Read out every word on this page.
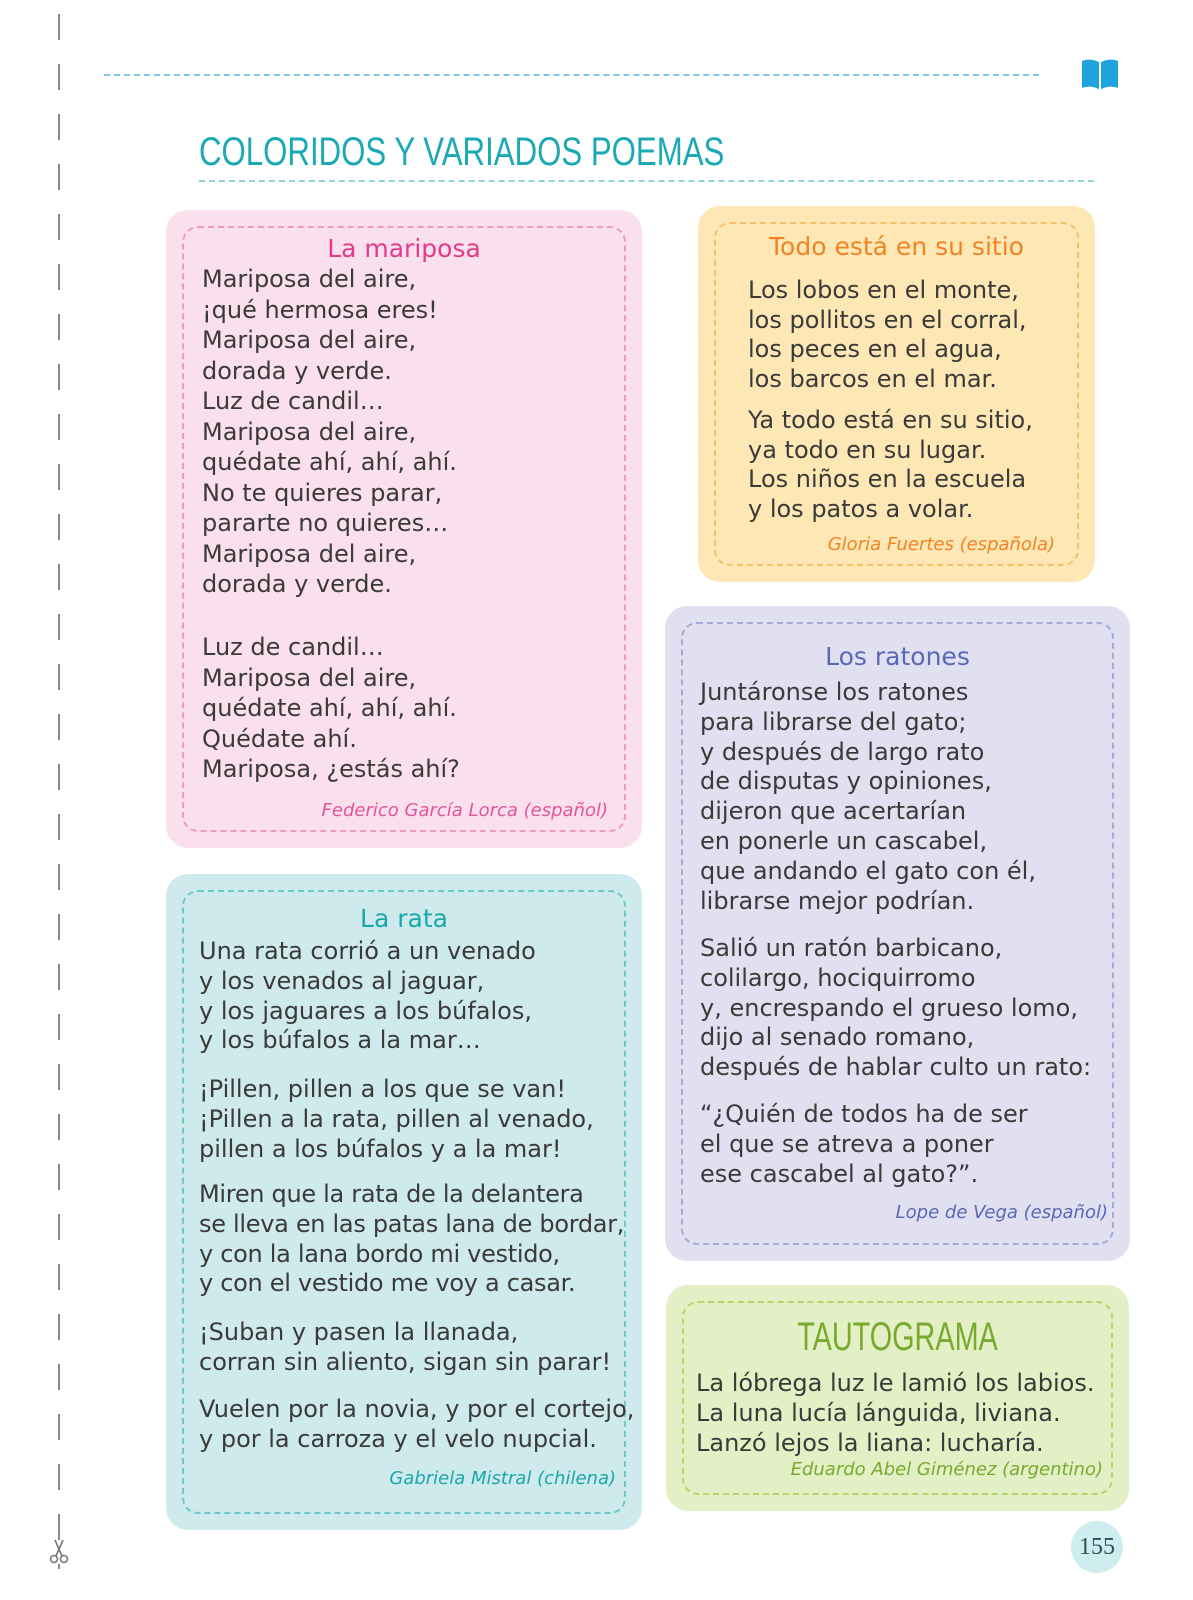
COLORIDOS Y VARIADOS POEMAS
La mariposa
Mariposa del aire,
¡qué hermosa eres!
Mariposa del aire,
dorada y verde.
Luz de candil…
Mariposa del aire,
quédate ahí, ahí, ahí.
No te quieres parar,
pararte no quieres…
Mariposa del aire,
dorada y verde.
Luz de candil…
Mariposa del aire,
quédate ahí, ahí, ahí.
Quédate ahí.
Mariposa, ¿estás ahí?
Federico García Lorca (español)
Todo está en su sitio
Los lobos en el monte,
los pollitos en el corral,
los peces en el agua,
los barcos en el mar.
Ya todo está en su sitio,
ya todo en su lugar.
Los niños en la escuela
y los patos a volar.
Gloria Fuertes (española)
Los ratones
Juntáronse los ratones
para librarse del gato;
y después de largo rato
de disputas y opiniones,
dijeron que acertarían
en ponerle un cascabel,
que andando el gato con él,
librarse mejor podrían.
Salió un ratón barbicano,
colilargo, hociquirromo
y, encrespando el grueso lomo,
dijo al senado romano,
después de hablar culto un rato:
“¿Quién de todos ha de ser
el que se atreva a poner
ese cascabel al gato?”.
Lope de Vega (español)
La rata
Una rata corrió a un venado
y los venados al jaguar,
y los jaguares a los búfalos,
y los búfalos a la mar…
¡Pillen, pillen a los que se van!
¡Pillen a la rata, pillen al venado,
pillen a los búfalos y a la mar!
Miren que la rata de la delantera
se lleva en las patas lana de bordar,
y con la lana bordo mi vestido,
y con el vestido me voy a casar.
¡Suban y pasen la llanada,
corran sin aliento, sigan sin parar!
Vuelen por la novia, y por el cortejo,
y por la carroza y el velo nupcial.
Gabriela Mistral (chilena)
TAUTOGRAMA
La lóbrega luz le lamió los labios.
La luna lucía lánguida, liviana.
Lanzó lejos la liana: lucharía.
Eduardo Abel Giménez (argentino)
155
